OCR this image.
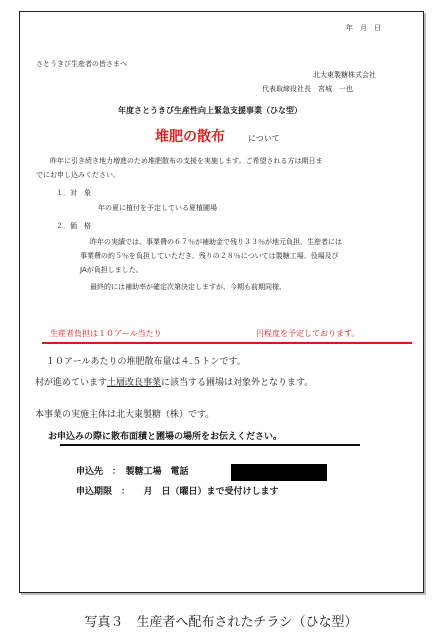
年　月　日
さとうきび生産者の皆さまへ
北大東製糖株式会社
代表取締役社長　宮城　一也
年度さとうきび生産性向上緊急支援事業（ひな型）
堆肥の散布	について
昨年に引き続き地力増進のため堆肥散布の支援を実施します。ご希望される方は期日ま
でにお申し込みください。
１．対　象
年の夏に植付を予定している夏植圃場
２．価　格
昨年の実績では、事業費の６７％が補助金で残り３３％が地元負担、生産者には
事業費の約５％を負担していただき、残りの２８％については製糖工場、役場及び
JAが負担しました。
最終的には補助率が確定次第決定しますが、今期も前期同様、
生産者負担は１０アール当たり	円程度を予定しております。
１０アールあたりの堆肥散布量は４.５トンです。
村が進めています土層改良事業に該当する圃場は対象外となります。
本事業の実施主体は北大東製糖（株）です。
お申込みの際に散布面積と圃場の場所をお伝えください。
申込先　：　製糖工場　電話
申込期限　：　　月　日（曜日）まで受付けします
写真３　生産者へ配布されたチラシ（ひな型）
